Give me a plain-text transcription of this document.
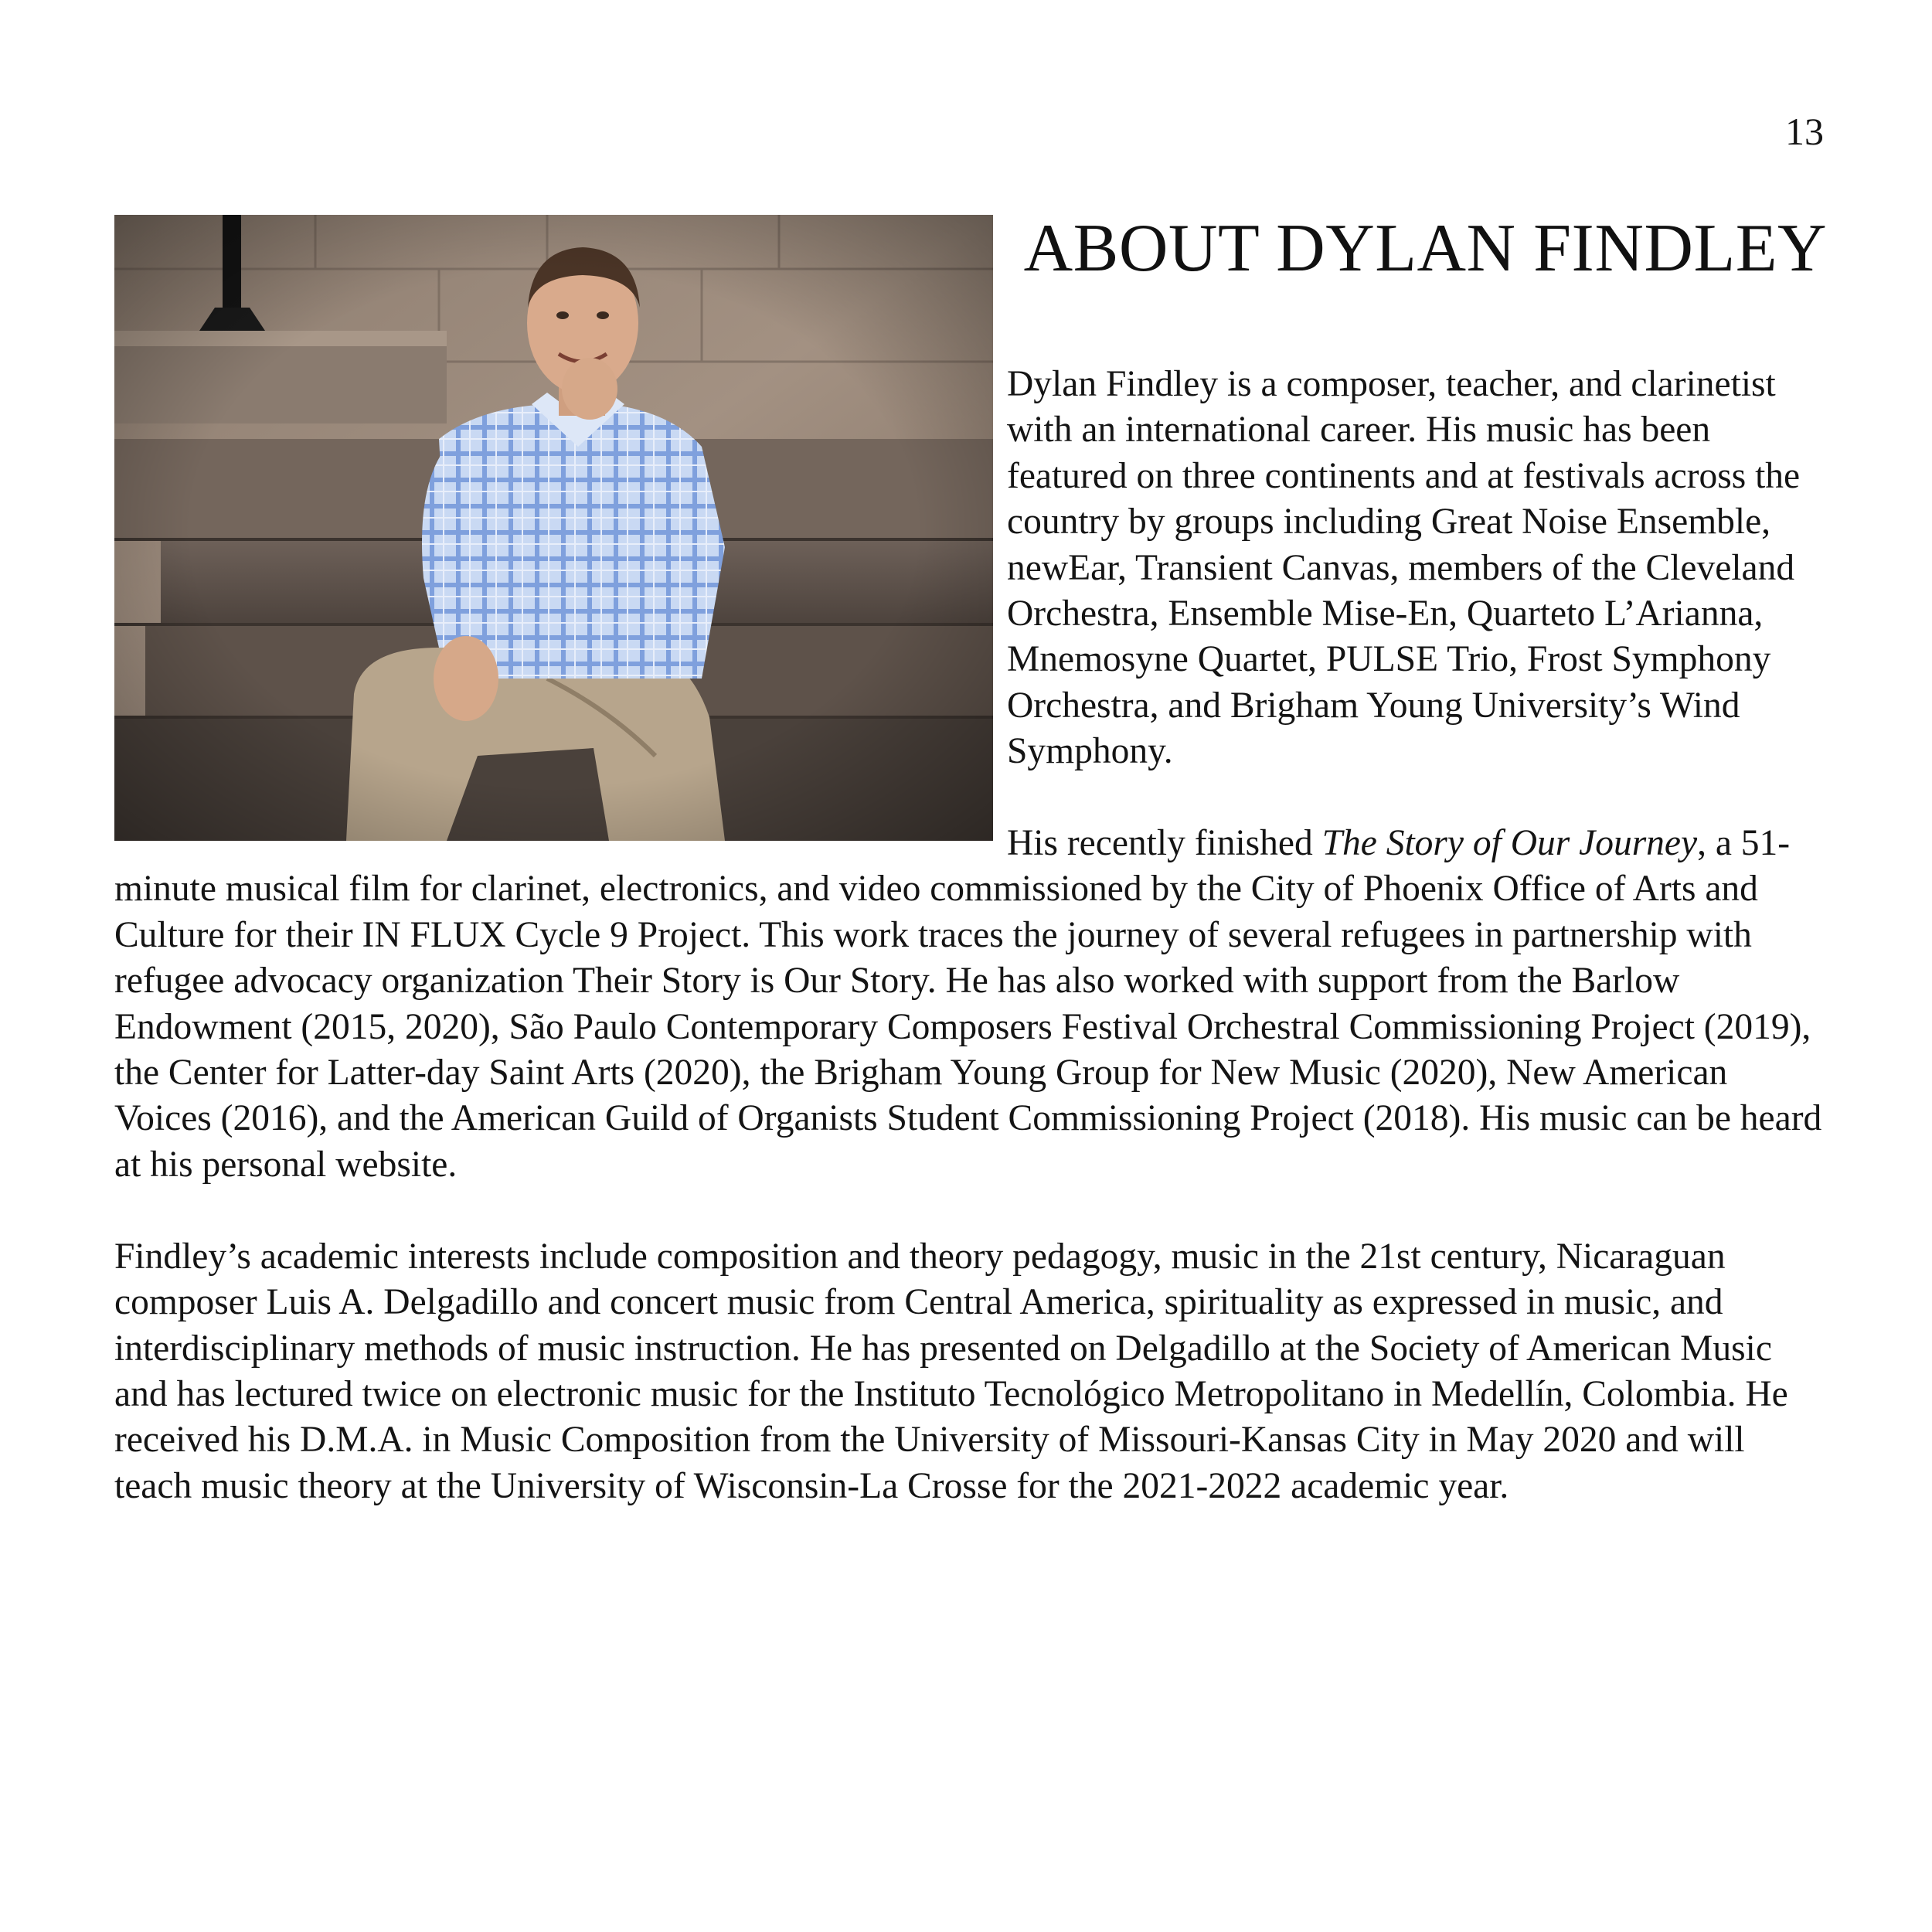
13
ABOUT DYLAN FINDLEY

Dylan Findley is a composer, teacher, and clarinetist with an international career. His music has been featured on three continents and at festivals across the country by groups including Great Noise Ensemble, newEar, Transient Canvas, members of the Cleveland Orchestra, Ensemble Mise-En, Quarteto L’Arianna, Mnemosyne Quartet, PULSE Trio, Frost Symphony Orchestra, and Brigham Young University’s Wind Symphony.

His recently finished The Story of Our Journey, a 51-minute musical film for clarinet, electronics, and video commissioned by the City of Phoenix Office of Arts and Culture for their IN FLUX Cycle 9 Project. This work traces the journey of several refugees in partnership with refugee advocacy organization Their Story is Our Story. He has also worked with support from the Barlow Endowment (2015, 2020), São Paulo Contemporary Composers Festival Orchestral Commissioning Project (2019), the Center for Latter-day Saint Arts (2020), the Brigham Young Group for New Music (2020), New American Voices (2016), and the American Guild of Organists Student Commissioning Project (2018). His music can be heard at his personal website.

Findley’s academic interests include composition and theory pedagogy, music in the 21st century, Nicaraguan composer Luis A. Delgadillo and concert music from Central America, spirituality as expressed in music, and interdisciplinary methods of music instruction. He has presented on Delgadillo at the Society of American Music and has lectured twice on electronic music for the Instituto Tecnológico Metropolitano in Medellín, Colombia. He received his D.M.A. in Music Composition from the University of Missouri-Kansas City in May 2020 and will teach music theory at the University of Wisconsin-La Crosse for the 2021-2022 academic year.
